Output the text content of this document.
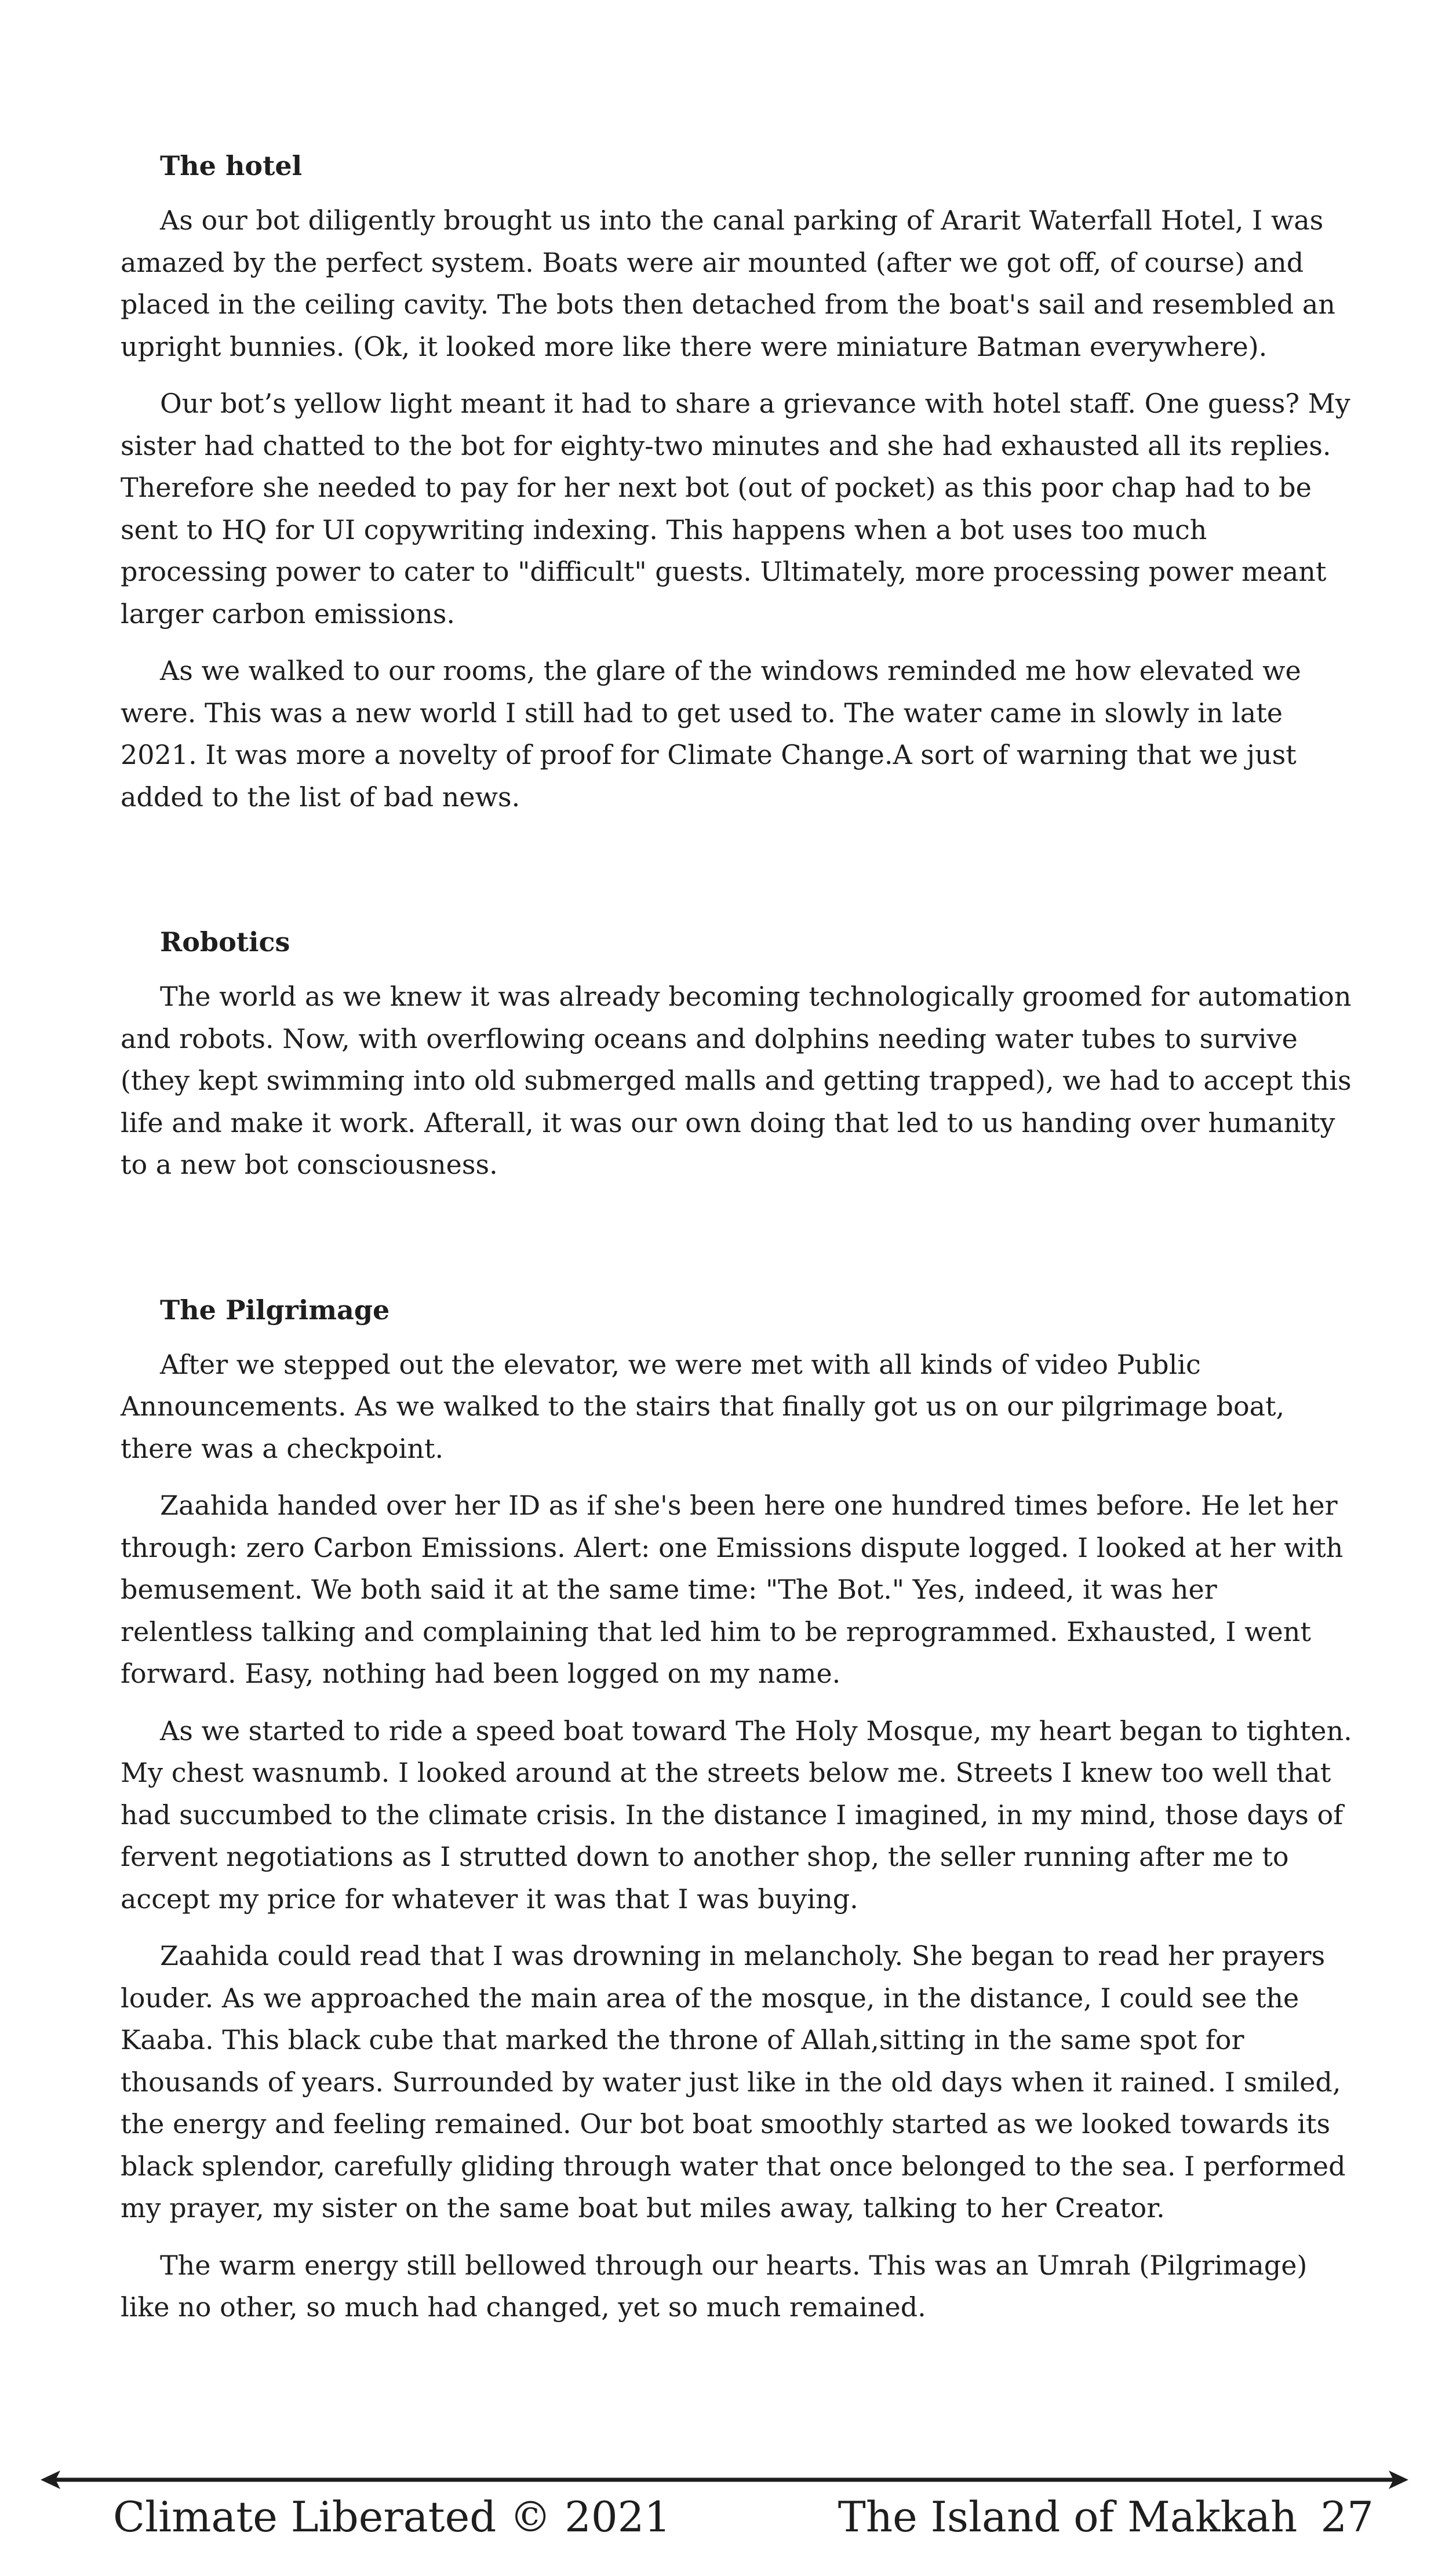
The hotel

As our bot diligently brought us into the canal parking of Ararit Waterfall Hotel, I was amazed by the perfect system. Boats were air mounted (after we got off, of course) and placed in the ceiling cavity. The bots then detached from the boat's sail and resembled an upright bunnies. (Ok, it looked more like there were miniature Batman everywhere).

Our bot’s yellow light meant it had to share a grievance with hotel staff. One guess? My sister had chatted to the bot for eighty-two minutes and she had exhausted all its replies. Therefore she needed to pay for her next bot (out of pocket) as this poor chap had to be sent to HQ for UI copywriting indexing. This happens when a bot uses too much processing power to cater to "difficult" guests. Ultimately, more processing power meant larger carbon emissions.

As we walked to our rooms, the glare of the windows reminded me how elevated we were. This was a new world I still had to get used to. The water came in slowly in late 2021. It was more a novelty of proof for Climate Change.A sort of warning that we just added to the list of bad news.

Robotics

The world as we knew it was already becoming technologically groomed for automation and robots. Now, with overflowing oceans and dolphins needing water tubes to survive (they kept swimming into old submerged malls and getting trapped), we had to accept this life and make it work. Afterall, it was our own doing that led to us handing over humanity to a new bot consciousness.

The Pilgrimage

After we stepped out the elevator, we were met with all kinds of video Public Announcements. As we walked to the stairs that finally got us on our pilgrimage boat, there was a checkpoint.

Zaahida handed over her ID as if she's been here one hundred times before. He let her through: zero Carbon Emissions. Alert: one Emissions dispute logged. I looked at her with bemusement. We both said it at the same time: "The Bot." Yes, indeed, it was her relentless talking and complaining that led him to be reprogrammed. Exhausted, I went forward. Easy, nothing had been logged on my name.

As we started to ride a speed boat toward The Holy Mosque, my heart began to tighten. My chest wasnumb. I looked around at the streets below me. Streets I knew too well that had succumbed to the climate crisis. In the distance I imagined, in my mind, those days of fervent negotiations as I strutted down to another shop, the seller running after me to accept my price for whatever it was that I was buying.

Zaahida could read that I was drowning in melancholy. She began to read her prayers louder. As we approached the main area of the mosque, in the distance, I could see the Kaaba. This black cube that marked the throne of Allah,sitting in the same spot for thousands of years. Surrounded by water just like in the old days when it rained. I smiled, the energy and feeling remained. Our bot boat smoothly started as we looked towards its black splendor, carefully gliding through water that once belonged to the sea. I performed my prayer, my sister on the same boat but miles away, talking to her Creator.

The warm energy still bellowed through our hearts. This was an Umrah (Pilgrimage) like no other, so much had changed, yet so much remained.

Climate Liberated © 2021	The Island of Makkah 27
